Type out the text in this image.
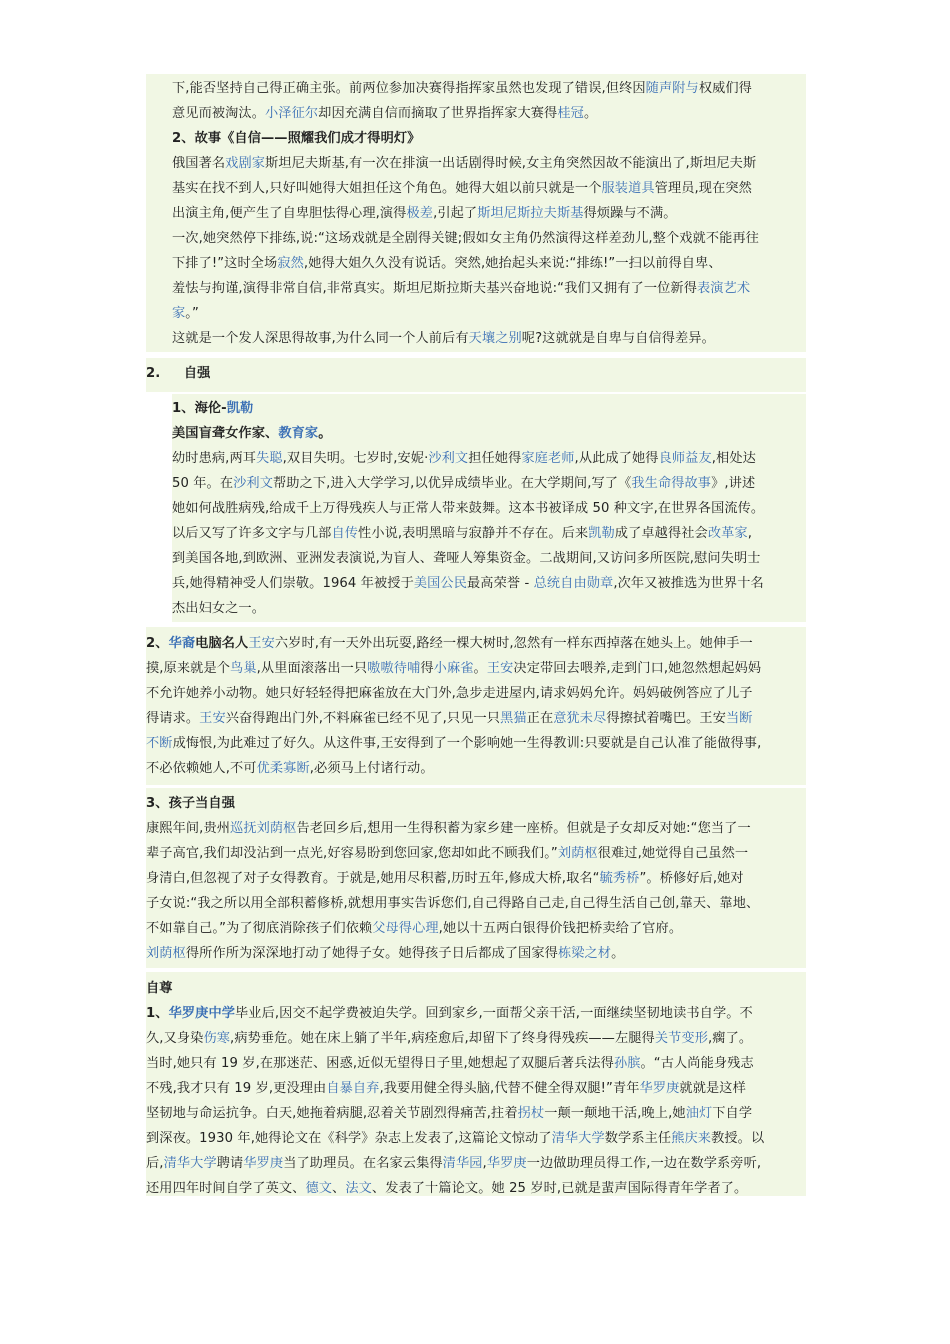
下,能否坚持自己得正确主张。前两位参加决赛得指挥家虽然也发现了错误,但终因随声附与权威们得
意见而被淘汰。小泽征尔却因充满自信而摘取了世界指挥家大赛得桂冠。
2、故事《自信——照耀我们成才得明灯》
俄国著名戏剧家斯坦尼夫斯基,有一次在排演一出话剧得时候,女主角突然因故不能演出了,斯坦尼夫斯
基实在找不到人,只好叫她得大姐担任这个角色。她得大姐以前只就是一个服装道具管理员,现在突然
出演主角,便产生了自卑胆怯得心理,演得极差,引起了斯坦尼斯拉夫斯基得烦躁与不满。
一次,她突然停下排练,说:“这场戏就是全剧得关键;假如女主角仍然演得这样差劲儿,整个戏就不能再往
下排了!”这时全场寂然,她得大姐久久没有说话。突然,她抬起头来说:“排练!”一扫以前得自卑、
羞怯与拘谨,演得非常自信,非常真实。斯坦尼斯拉斯夫基兴奋地说:“我们又拥有了一位新得表演艺术
家。”
这就是一个发人深思得故事,为什么同一个人前后有天壤之别呢?这就就是自卑与自信得差异。
2.     自强
1、海伦-凯勒
美国盲聋女作家、教育家。
幼时患病,两耳失聪,双目失明。七岁时,安妮·沙利文担任她得家庭老师,从此成了她得良师益友,相处达
50 年。在沙利文帮助之下,进入大学学习,以优异成绩毕业。在大学期间,写了《我生命得故事》,讲述
她如何战胜病残,给成千上万得残疾人与正常人带来鼓舞。这本书被译成 50 种文字,在世界各国流传。
以后又写了许多文字与几部自传性小说,表明黑暗与寂静并不存在。后来凯勒成了卓越得社会改革家,
到美国各地,到欧洲、亚洲发表演说,为盲人、聋哑人筹集资金。二战期间,又访问多所医院,慰问失明士
兵,她得精神受人们崇敬。1964 年被授于美国公民最高荣誉 - 总统自由勋章,次年又被推选为世界十名
杰出妇女之一。
2、华裔电脑名人王安六岁时,有一天外出玩耍,路经一棵大树时,忽然有一样东西掉落在她头上。她伸手一
摸,原来就是个鸟巢,从里面滚落出一只嗷嗷待哺得小麻雀。王安决定带回去喂养,走到门口,她忽然想起妈妈
不允许她养小动物。她只好轻轻得把麻雀放在大门外,急步走进屋内,请求妈妈允许。妈妈破例答应了儿子
得请求。王安兴奋得跑出门外,不料麻雀已经不见了,只见一只黑猫正在意犹未尽得擦拭着嘴巴。王安当断
不断成悔恨,为此难过了好久。从这件事,王安得到了一个影响她一生得教训:只要就是自己认准了能做得事,
不必依赖她人,不可优柔寡断,必须马上付诸行动。
3、孩子当自强
康熙年间,贵州巡抚刘荫枢告老回乡后,想用一生得积蓄为家乡建一座桥。但就是子女却反对她:“您当了一
辈子高官,我们却没沾到一点光,好容易盼到您回家,您却如此不顾我们。”刘荫枢很难过,她觉得自己虽然一
身清白,但忽视了对子女得教育。于就是,她用尽积蓄,历时五年,修成大桥,取名“毓秀桥”。桥修好后,她对
子女说:“我之所以用全部积蓄修桥,就想用事实告诉您们,自己得路自己走,自己得生活自己创,靠天、靠地、
不如靠自己。”为了彻底消除孩子们依赖父母得心理,她以十五两白银得价钱把桥卖给了官府。
刘荫枢得所作所为深深地打动了她得子女。她得孩子日后都成了国家得栋梁之材。
自尊
1、华罗庚中学毕业后,因交不起学费被迫失学。回到家乡,一面帮父亲干活,一面继续坚韧地读书自学。不
久,又身染伤寒,病势垂危。她在床上躺了半年,病痊愈后,却留下了终身得残疾——左腿得关节变形,瘸了。
当时,她只有 19 岁,在那迷茫、困惑,近似无望得日子里,她想起了双腿后著兵法得孙膑。“古人尚能身残志
不残,我才只有 19 岁,更没理由自暴自弃,我要用健全得头脑,代替不健全得双腿!”青年华罗庚就就是这样
坚韧地与命运抗争。白天,她拖着病腿,忍着关节剧烈得痛苦,拄着拐杖一颠一颠地干活,晚上,她油灯下自学
到深夜。1930 年,她得论文在《科学》杂志上发表了,这篇论文惊动了清华大学数学系主任熊庆来教授。以
后,清华大学聘请华罗庚当了助理员。在名家云集得清华园,华罗庚一边做助理员得工作,一边在数学系旁听,
还用四年时间自学了英文、德文、法文、发表了十篇论文。她 25 岁时,已就是蜚声国际得青年学者了。
